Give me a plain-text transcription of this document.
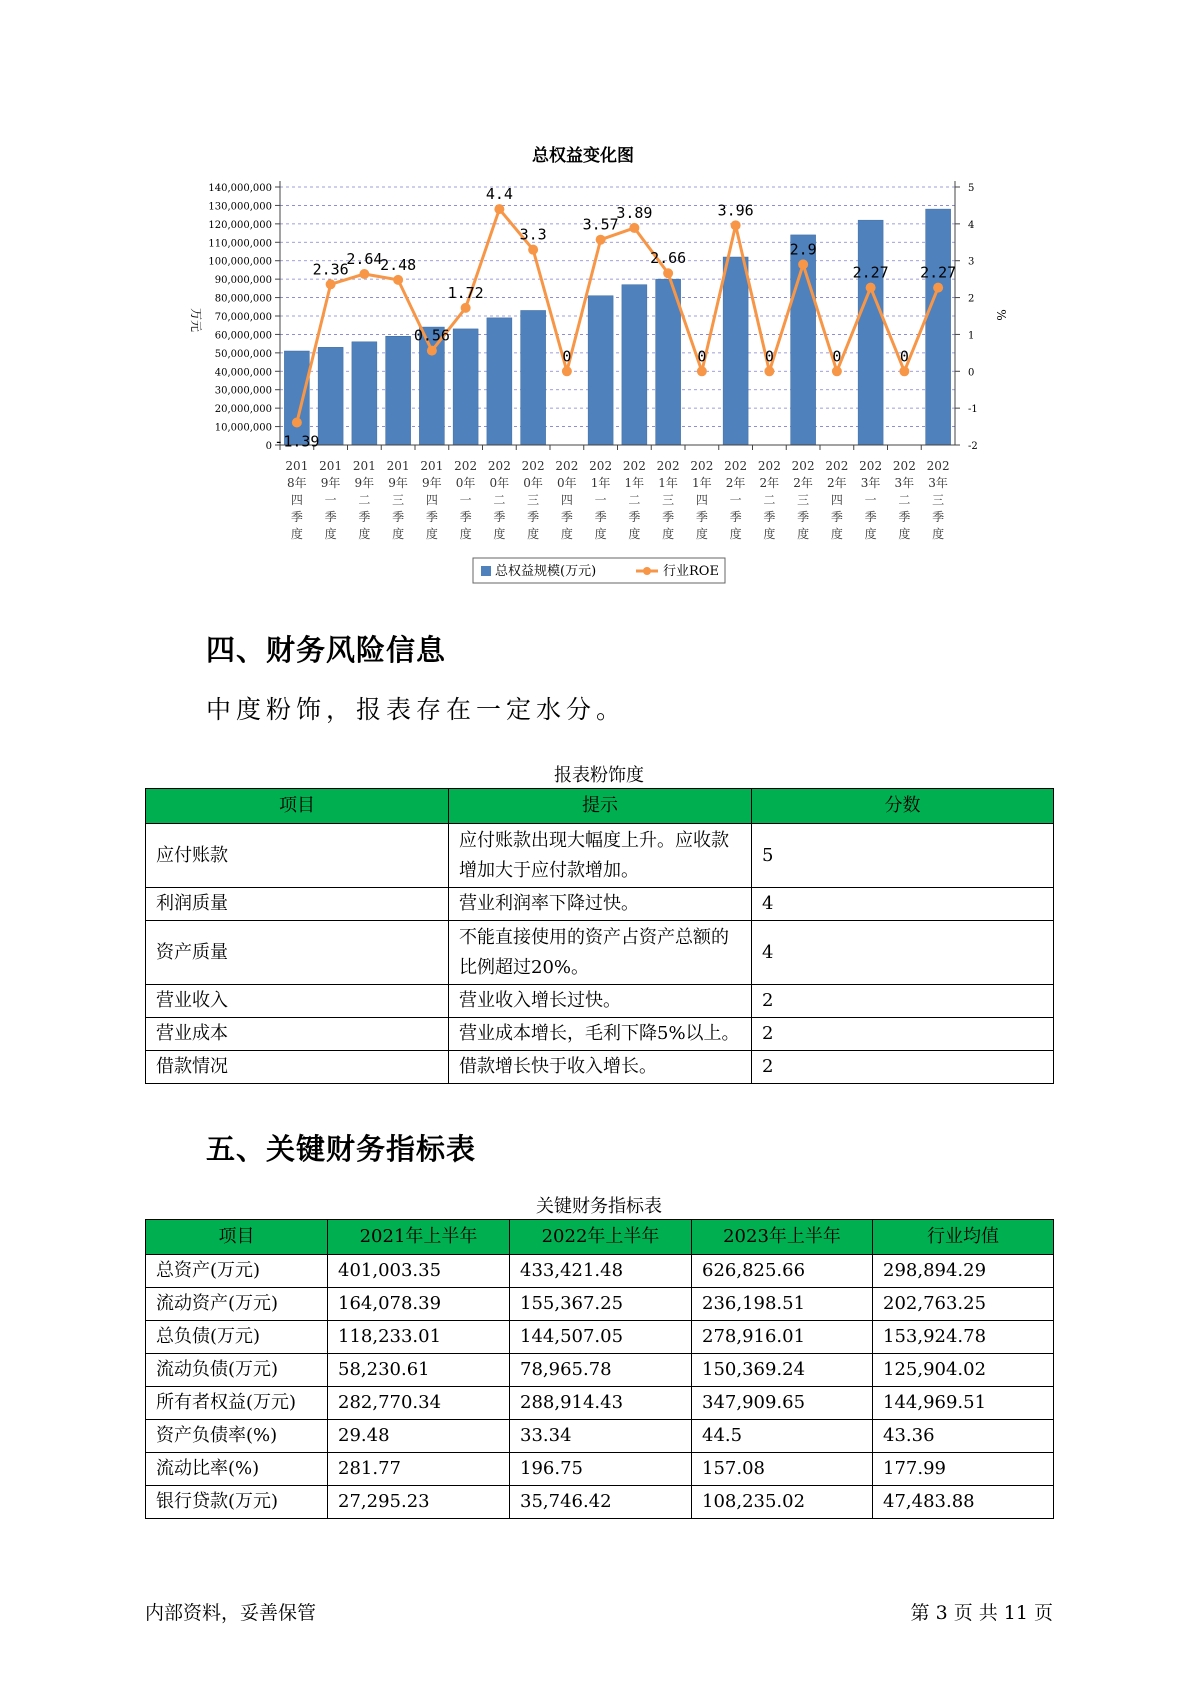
总权益变化图
万元	%
0
10,000,000
20,000,000
30,000,000
40,000,000
50,000,000
60,000,000
70,000,000
80,000,000
90,000,000
100,000,000
110,000,000
120,000,000
130,000,000
140,000,000
-2
-1
0
1
2
3
4
5
-1.39
2.36
2.64
2.48
0.56
1.72
4.4
3.3
0
3.57
3.89
2.66
0
3.96
0
2.9
0
2.27
0
2.27
201 8年四季度
201 9年一季度
201 9年二季度
201 9年三季度
201 9年四季度
202 0年一季度
202 0年二季度
202 0年三季度
202 0年四季度
202 1年一季度
202 1年二季度
202 1年三季度
202 1年四季度
202 2年一季度
202 2年二季度
202 2年三季度
202 2年四季度
202 3年一季度
202 3年二季度
202 3年三季度
总权益规模(万元)	行业ROE
四、财务风险信息

中度粉饰，报表存在一定水分。

报表粉饰度
项目	提示	分数
应付账款	应付账款出现大幅度上升。应收款增加大于应付款增加。	5
利润质量	营业利润率下降过快。	4
资产质量	不能直接使用的资产占资产总额的比例超过20%。	4
营业收入	营业收入增长过快。	2
营业成本	营业成本增长，毛利下降5%以上。	2
借款情况	借款增长快于收入增长。	2
五、关键财务指标表
关键财务指标表
项目	2021年上半年	2022年上半年	2023年上半年	行业均值
总资产(万元)	401,003.35	433,421.48	626,825.66	298,894.29
流动资产(万元)	164,078.39	155,367.25	236,198.51	202,763.25
总负债(万元)	118,233.01	144,507.05	278,916.01	153,924.78
流动负债(万元)	58,230.61	78,965.78	150,369.24	125,904.02
所有者权益(万元)	282,770.34	288,914.43	347,909.65	144,969.51
资产负债率(%)	29.48	33.34	44.5	43.36
流动比率(%)	281.77	196.75	157.08	177.99
银行贷款(万元)	27,295.23	35,746.42	108,235.02	47,483.88
内部资料，妥善保管	第 3 页 共 11 页
